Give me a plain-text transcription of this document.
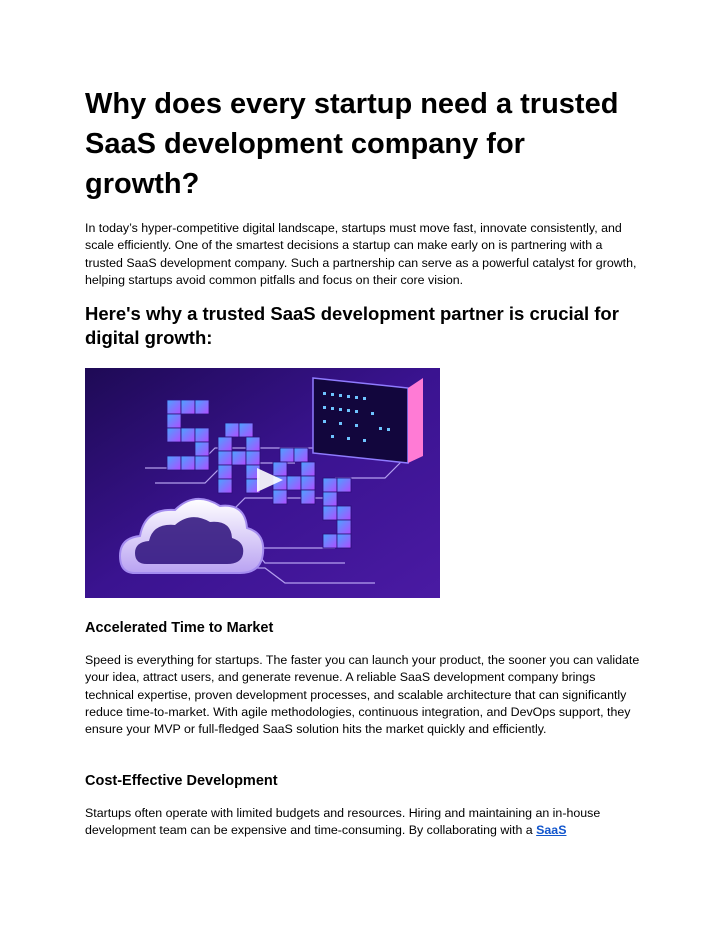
Why does every startup need a trusted SaaS development company for growth?

In today’s hyper-competitive digital landscape, startups must move fast, innovate consistently, and scale efficiently. One of the smartest decisions a startup can make early on is partnering with a trusted SaaS development company. Such a partnership can serve as a powerful catalyst for growth, helping startups avoid common pitfalls and focus on their core vision.

Here's why a trusted SaaS development partner is crucial for digital growth:
Accelerated Time to Market

Speed is everything for startups. The faster you can launch your product, the sooner you can validate your idea, attract users, and generate revenue. A reliable SaaS development company brings technical expertise, proven development processes, and scalable architecture that can significantly reduce time-to-market. With agile methodologies, continuous integration, and DevOps support, they ensure your MVP or full-fledged SaaS solution hits the market quickly and efficiently.

Cost-Effective Development

Startups often operate with limited budgets and resources. Hiring and maintaining an in-house development team can be expensive and time-consuming. By collaborating with a SaaS
